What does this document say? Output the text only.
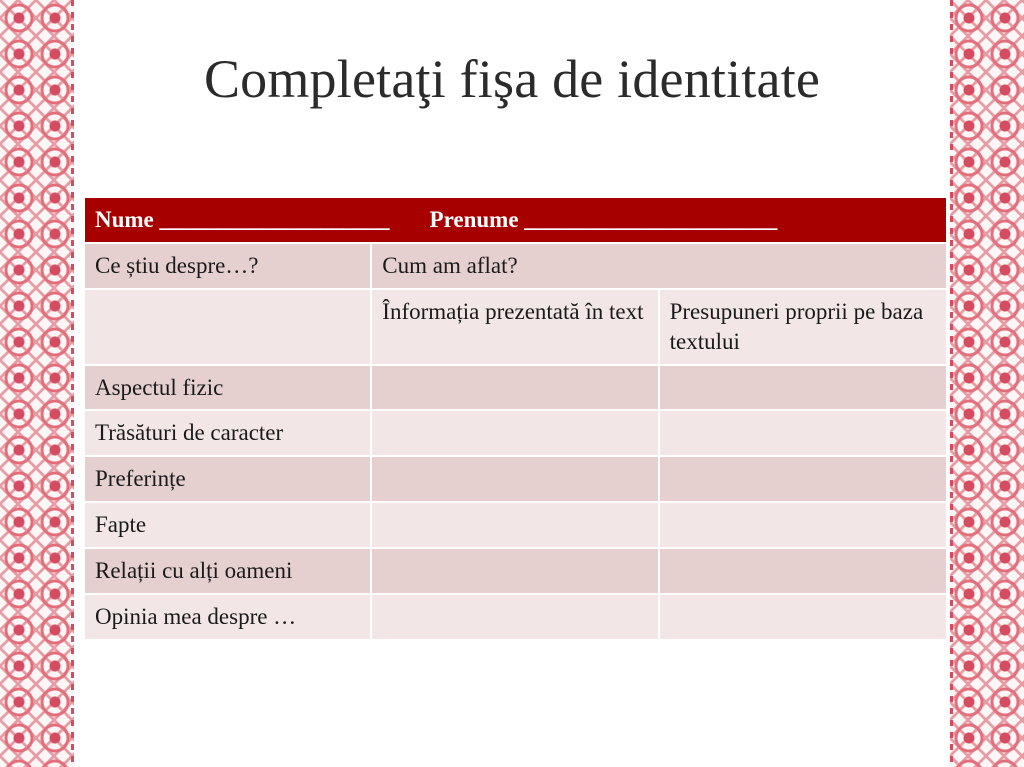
Completaţi fişa de identitate
Nume ____________________ Prenume ______________________		
Ce știu despre…?	Cum am aflat?	
	Înformația prezentată în text	Presupuneri proprii pe baza textului
Aspectul fizic		
Trăsături de caracter		
Preferințe		
Fapte		
Relații cu alți oameni		
Opinia mea despre …		
